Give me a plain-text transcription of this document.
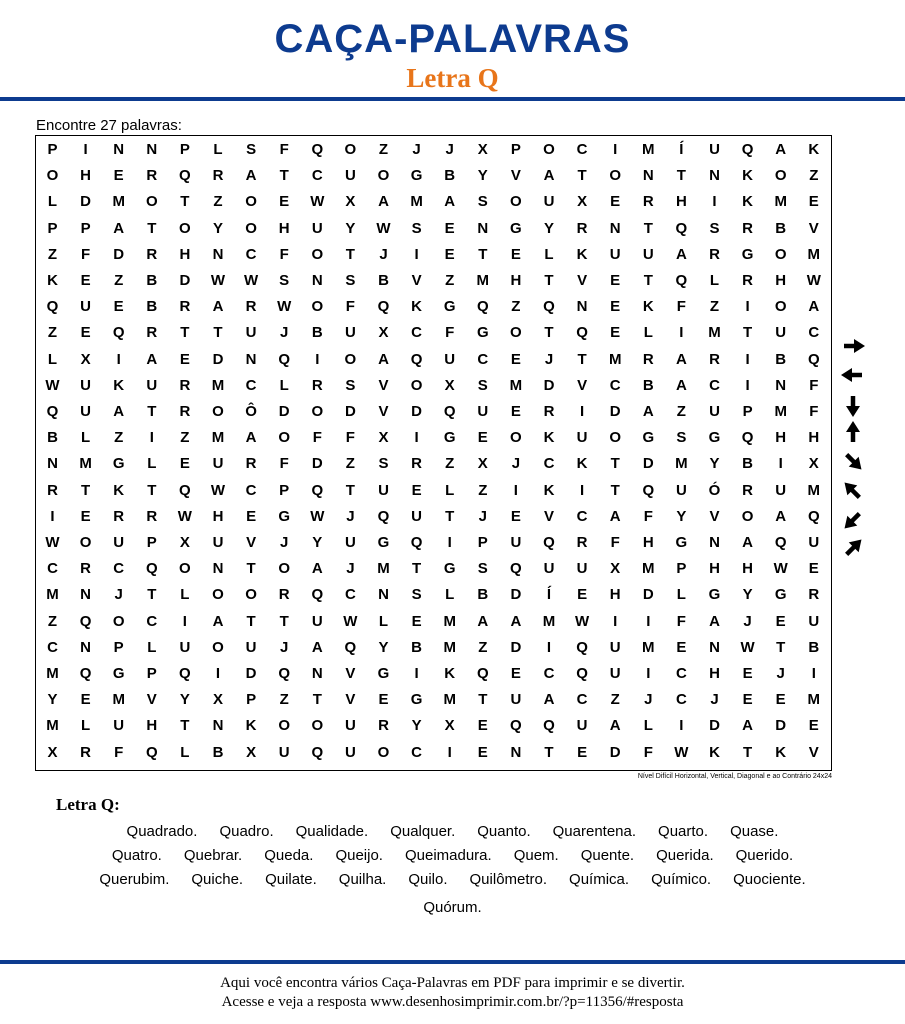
CAÇA-PALAVRAS
Letra Q
Encontre 27 palavras:
P	I	N	N	P	L	S	F	Q	O	Z	J	J	X	P	O	C	I	M	Í	U	Q	A	K
O	H	E	R	Q	R	A	T	C	U	O	G	B	Y	V	A	T	O	N	T	N	K	O	Z
L	D	M	O	T	Z	O	E	W	X	A	M	A	S	O	U	X	E	R	H	I	K	M	E
P	P	A	T	O	Y	O	H	U	Y	W	S	E	N	G	Y	R	N	T	Q	S	R	B	V
Z	F	D	R	H	N	C	F	O	T	J	I	E	T	E	L	K	U	U	A	R	G	O	M
K	E	Z	B	D	W	W	S	N	S	B	V	Z	M	H	T	V	E	T	Q	L	R	H	W
Q	U	E	B	R	A	R	W	O	F	Q	K	G	Q	Z	Q	N	E	K	F	Z	I	O	A
Z	E	Q	R	T	T	U	J	B	U	X	C	F	G	O	T	Q	E	L	I	M	T	U	C
L	X	I	A	E	D	N	Q	I	O	A	Q	U	C	E	J	T	M	R	A	R	I	B	Q
W	U	K	U	R	M	C	L	R	S	V	O	X	S	M	D	V	C	B	A	C	I	N	F
Q	U	A	T	R	O	Ô	D	O	D	V	D	Q	U	E	R	I	D	A	Z	U	P	M	F
B	L	Z	I	Z	M	A	O	F	F	X	I	G	E	O	K	U	O	G	S	G	Q	H	H
N	M	G	L	E	U	R	F	D	Z	S	R	Z	X	J	C	K	T	D	M	Y	B	I	X
R	T	K	T	Q	W	C	P	Q	T	U	E	L	Z	I	K	I	T	Q	U	Ó	R	U	M
I	E	R	R	W	H	E	G	W	J	Q	U	T	J	E	V	C	A	F	Y	V	O	A	Q
W	O	U	P	X	U	V	J	Y	U	G	Q	I	P	U	Q	R	F	H	G	N	A	Q	U
C	R	C	Q	O	N	T	O	A	J	M	T	G	S	Q	U	U	X	M	P	H	H	W	E
M	N	J	T	L	O	O	R	Q	C	N	S	L	B	D	Í	E	H	D	L	G	Y	G	R
Z	Q	O	C	I	A	T	T	U	W	L	E	M	A	A	M	W	I	I	F	A	J	E	U
C	N	P	L	U	O	U	J	A	Q	Y	B	M	Z	D	I	Q	U	M	E	N	W	T	B
M	Q	G	P	Q	I	D	Q	N	V	G	I	K	Q	E	C	Q	U	I	C	H	E	J	I
Y	E	M	V	Y	X	P	Z	T	V	E	G	M	T	U	A	C	Z	J	C	J	E	E	M
M	L	U	H	T	N	K	O	O	U	R	Y	X	E	Q	Q	U	A	L	I	D	A	D	E
X	R	F	Q	L	B	X	U	Q	U	O	C	I	E	N	T	E	D	F	W	K	T	K	V
Nível Difícil Horizontal, Vertical, Diagonal e ao Contrário 24x24
Letra Q:
Quadrado. Quadro. Qualidade. Qualquer. Quanto. Quarentena. Quarto. Quase.
Quatro. Quebrar. Queda. Queijo. Queimadura. Quem. Quente. Querida. Querido.
Querubim. Quiche. Quilate. Quilha. Quilo. Quilômetro. Química. Químico. Quociente.
Quórum.
Aqui você encontra vários Caça-Palavras em PDF para imprimir e se divertir.
Acesse e veja a resposta www.desenhosimprimir.com.br/?p=11356/#resposta
